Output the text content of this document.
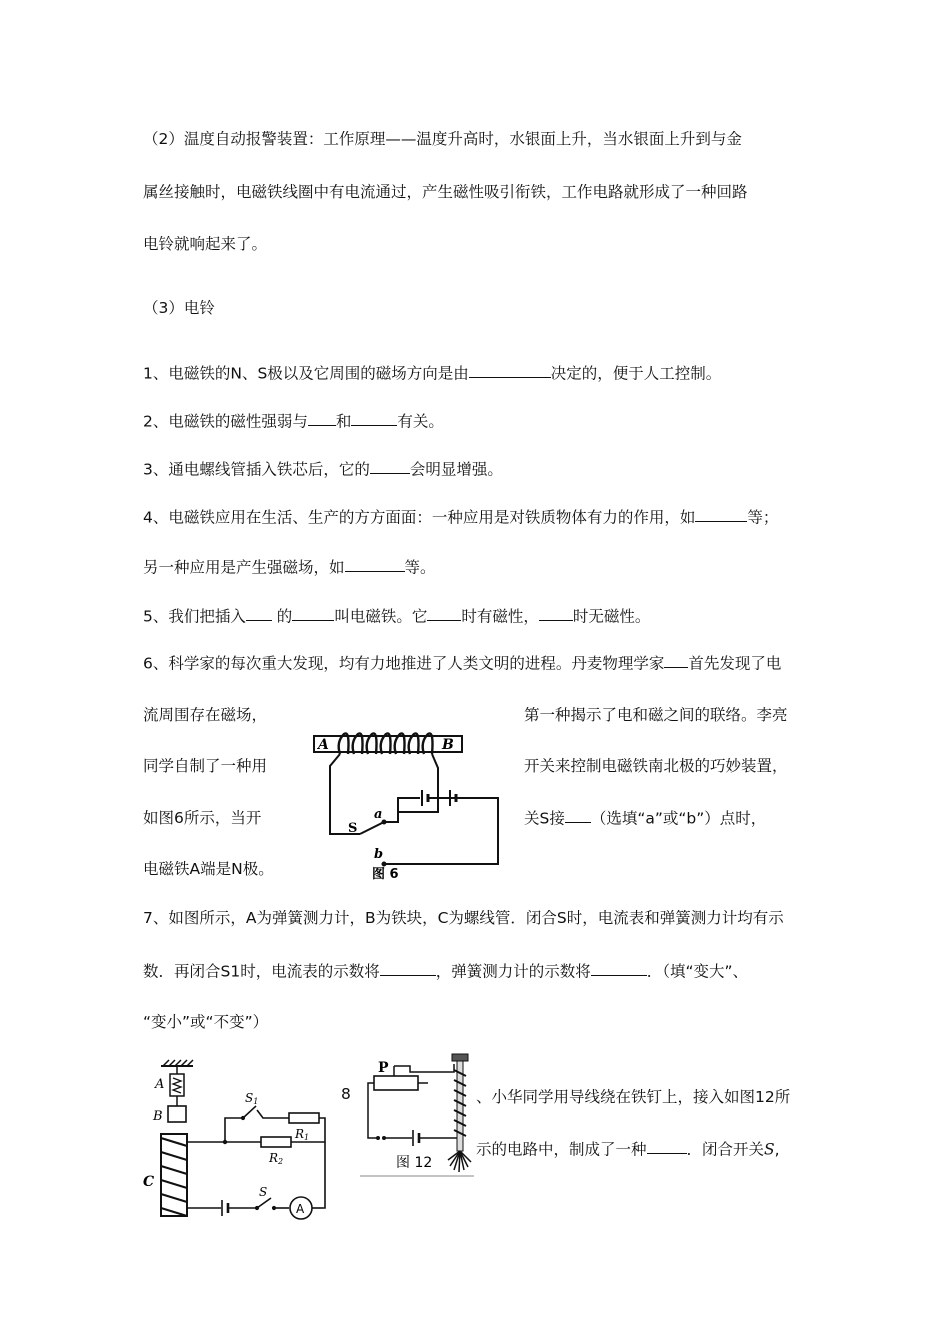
（2）温度自动报警装置：工作原理——温度升高时，水银面上升，当水银面上升到与金
属丝接触时，电磁铁线圈中有电流通过，产生磁性吸引衔铁，工作电路就形成了一种回路
电铃就响起来了。
（3）电铃
1、电磁铁的N、S极以及它周围的磁场方向是由	决定的，便于人工控制。
2、电磁铁的磁性强弱与 和	有关。
3、通电螺线管插入铁芯后，它的	会明显增强。
4、电磁铁应用在生活、生产的方方面面：一种应用是对铁质物体有力的作用，如	等；
另一种应用是产生强磁场，如	等。
5、我们把插入 的	叫电磁铁。它 时有磁性， 时无磁性。
6、科学家的每次重大发现，均有力地推进了人类文明的进程。丹麦物理学家 首先发现了电
流周围存在磁场，	第一种揭示了电和磁之间的联络。李亮
同学自制了一种用	开关来控制电磁铁南北极的巧妙装置，
如图6所示，当开	关S接 （选填“a”或“b”）点时，
电磁铁A端是N极。
A	B
S
a
b
图 6
7、如图所示，A为弹簧测力计，B为铁块，C为螺线管．闭合S时，电流表和弹簧测力计均有示
数．再闭合S1时，电流表的示数将	，弹簧测力计的示数将	．（填“变大”、
“变小”或“不变”）
A
B
C
S1
R1
R2
S
A
8
P
图 12
、小华同学用导线绕在铁钉上，接入如图12所
示的电路中，制成了一种	．闭合开关S,
